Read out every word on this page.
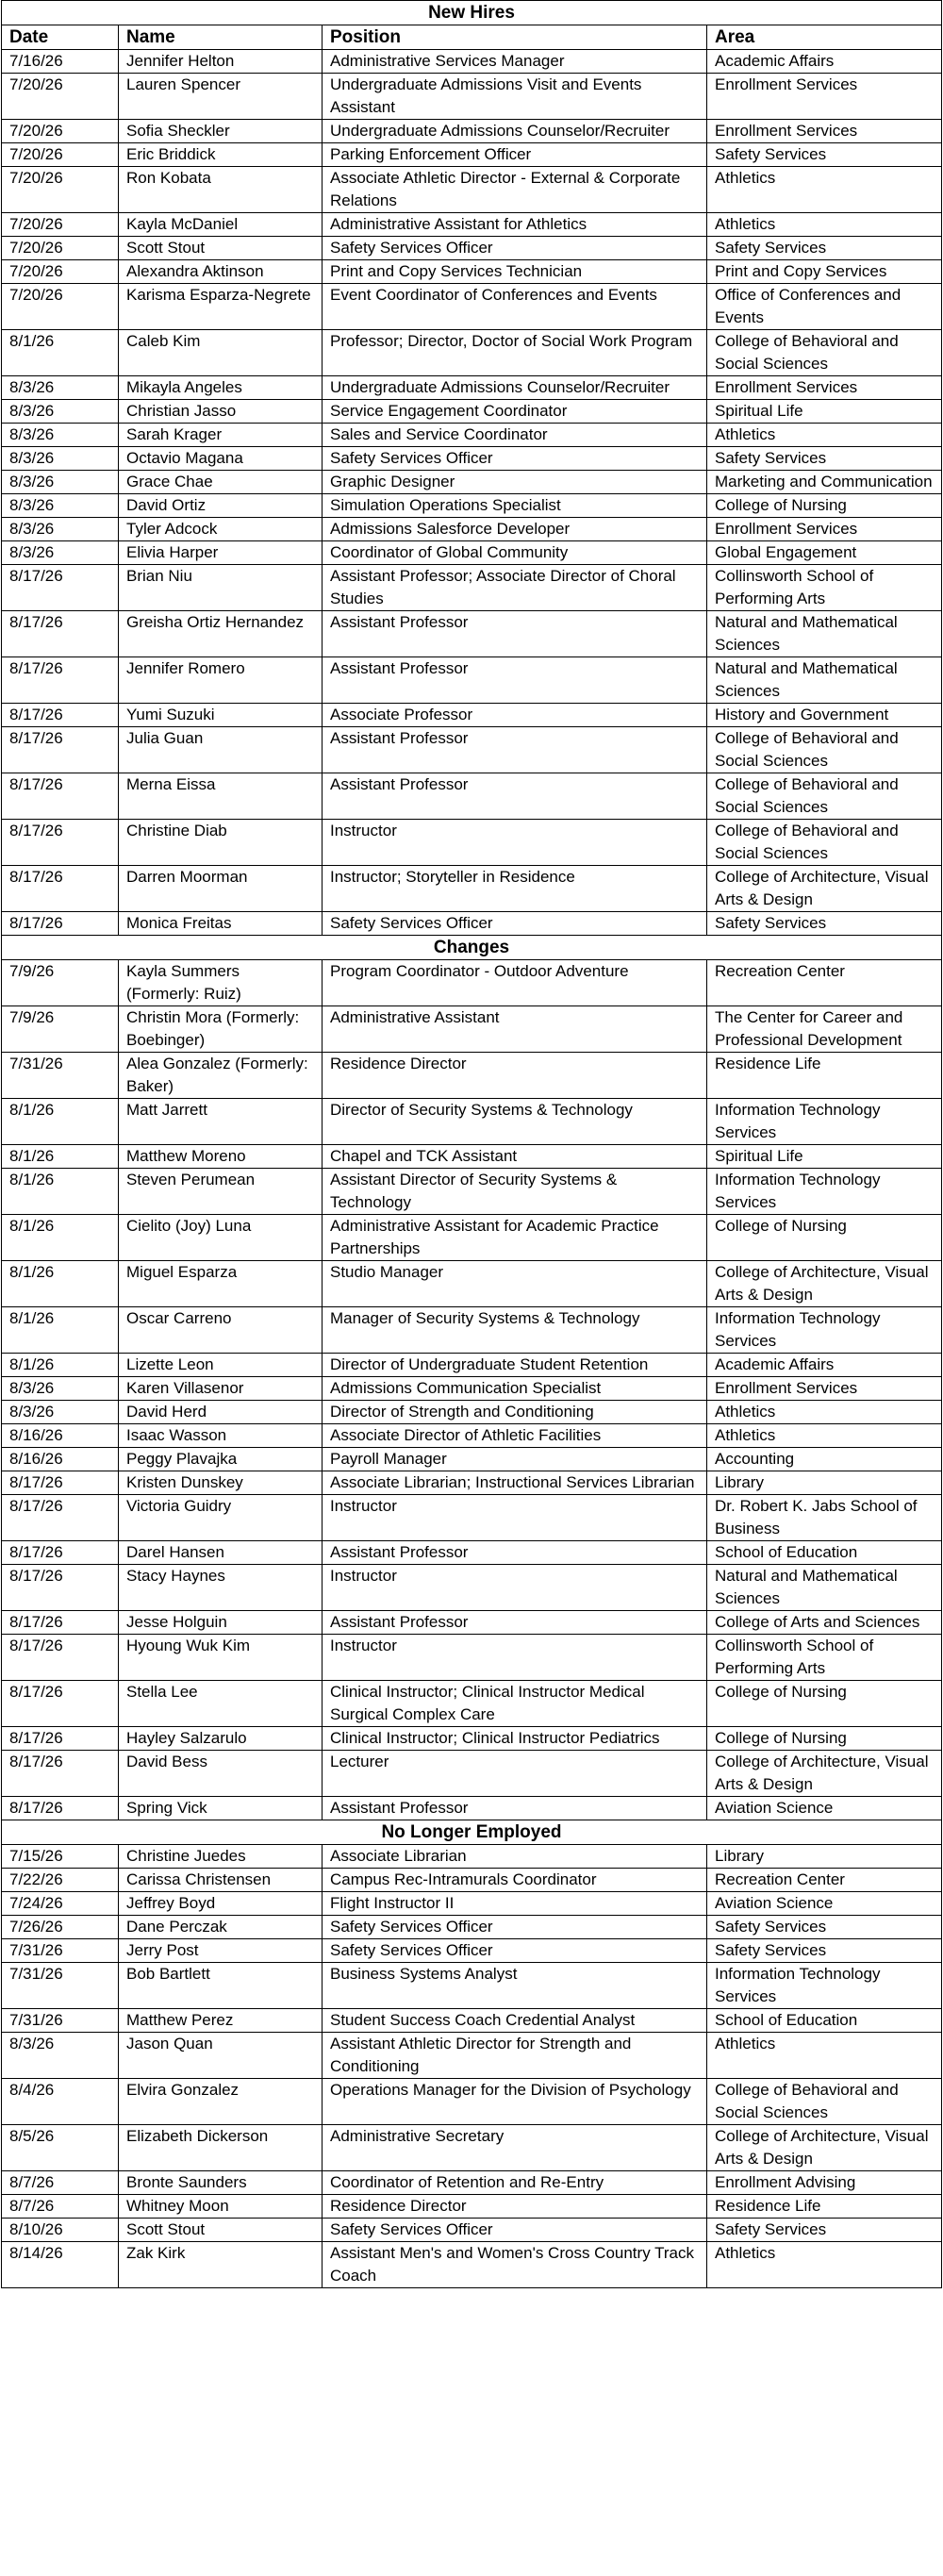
New Hires			
Date	Name	Position	Area
7/16/26	Jennifer Helton	Administrative Services Manager	Academic Affairs
7/20/26	Lauren Spencer	Undergraduate Admissions Visit and Events Assistant	Enrollment Services
7/20/26	Sofia Sheckler	Undergraduate Admissions Counselor/Recruiter	Enrollment Services
7/20/26	Eric Briddick	Parking Enforcement Officer	Safety Services
7/20/26	Ron Kobata	Associate Athletic Director - External & Corporate Relations	Athletics
7/20/26	Kayla McDaniel	Administrative Assistant for Athletics	Athletics
7/20/26	Scott Stout	Safety Services Officer	Safety Services
7/20/26	Alexandra Aktinson	Print and Copy Services Technician	Print and Copy Services
7/20/26	Karisma Esparza-Negrete	Event Coordinator of Conferences and Events	Office of Conferences and Events
8/1/26	Caleb Kim	Professor; Director, Doctor of Social Work Program	College of Behavioral and Social Sciences
8/3/26	Mikayla Angeles	Undergraduate Admissions Counselor/Recruiter	Enrollment Services
8/3/26	Christian Jasso	Service Engagement Coordinator	Spiritual Life
8/3/26	Sarah Krager	Sales and Service Coordinator	Athletics
8/3/26	Octavio Magana	Safety Services Officer	Safety Services
8/3/26	Grace Chae	Graphic Designer	Marketing and Communication
8/3/26	David Ortiz	Simulation Operations Specialist	College of Nursing
8/3/26	Tyler Adcock	Admissions Salesforce Developer	Enrollment Services
8/3/26	Elivia Harper	Coordinator of Global Community	Global Engagement
8/17/26	Brian Niu	Assistant Professor; Associate Director of Choral Studies	Collinsworth School of Performing Arts
8/17/26	Greisha Ortiz Hernandez	Assistant Professor	Natural and Mathematical Sciences
8/17/26	Jennifer Romero	Assistant Professor	Natural and Mathematical Sciences
8/17/26	Yumi Suzuki	Associate Professor	History and Government
8/17/26	Julia Guan	Assistant Professor	College of Behavioral and Social Sciences
8/17/26	Merna Eissa	Assistant Professor	College of Behavioral and Social Sciences
8/17/26	Christine Diab	Instructor	College of Behavioral and Social Sciences
8/17/26	Darren Moorman	Instructor; Storyteller in Residence	College of Architecture, Visual Arts & Design
8/17/26	Monica Freitas	Safety Services Officer	Safety Services
Changes			
7/9/26	Kayla Summers (Formerly: Ruiz)	Program Coordinator - Outdoor Adventure	Recreation Center
7/9/26	Christin Mora (Formerly: Boebinger)	Administrative Assistant	The Center for Career and Professional Development
7/31/26	Alea Gonzalez (Formerly: Baker)	Residence Director	Residence Life
8/1/26	Matt Jarrett	Director of Security Systems & Technology	Information Technology Services
8/1/26	Matthew Moreno	Chapel and TCK Assistant	Spiritual Life
8/1/26	Steven Perumean	Assistant Director of Security Systems & Technology	Information Technology Services
8/1/26	Cielito (Joy) Luna	Administrative Assistant for Academic Practice Partnerships	College of Nursing
8/1/26	Miguel Esparza	Studio Manager	College of Architecture, Visual Arts & Design
8/1/26	Oscar Carreno	Manager of Security Systems & Technology	Information Technology Services
8/1/26	Lizette Leon	Director of Undergraduate Student Retention	Academic Affairs
8/3/26	Karen Villasenor	Admissions Communication Specialist	Enrollment Services
8/3/26	David Herd	Director of Strength and Conditioning	Athletics
8/16/26	Isaac Wasson	Associate Director of Athletic Facilities	Athletics
8/16/26	Peggy Plavajka	Payroll Manager	Accounting
8/17/26	Kristen Dunskey	Associate Librarian; Instructional Services Librarian	Library
8/17/26	Victoria Guidry	Instructor	Dr. Robert K. Jabs School of Business
8/17/26	Darel Hansen	Assistant Professor	School of Education
8/17/26	Stacy Haynes	Instructor	Natural and Mathematical Sciences
8/17/26	Jesse Holguin	Assistant Professor	College of Arts and Sciences
8/17/26	Hyoung Wuk Kim	Instructor	Collinsworth School of Performing Arts
8/17/26	Stella Lee	Clinical Instructor; Clinical Instructor Medical Surgical Complex Care	College of Nursing
8/17/26	Hayley Salzarulo	Clinical Instructor; Clinical Instructor Pediatrics	College of Nursing
8/17/26	David Bess	Lecturer	College of Architecture, Visual Arts & Design
8/17/26	Spring Vick	Assistant Professor	Aviation Science
No Longer Employed			
7/15/26	Christine Juedes	Associate Librarian	Library
7/22/26	Carissa Christensen	Campus Rec-Intramurals Coordinator	Recreation Center
7/24/26	Jeffrey Boyd	Flight Instructor II	Aviation Science
7/26/26	Dane Perczak	Safety Services Officer	Safety Services
7/31/26	Jerry Post	Safety Services Officer	Safety Services
7/31/26	Bob Bartlett	Business Systems Analyst	Information Technology Services
7/31/26	Matthew Perez	Student Success Coach Credential Analyst	School of Education
8/3/26	Jason Quan	Assistant Athletic Director for Strength and Conditioning	Athletics
8/4/26	Elvira Gonzalez	Operations Manager for the Division of Psychology	College of Behavioral and Social Sciences
8/5/26	Elizabeth Dickerson	Administrative Secretary	College of Architecture, Visual Arts & Design
8/7/26	Bronte Saunders	Coordinator of Retention and Re-Entry	Enrollment Advising
8/7/26	Whitney Moon	Residence Director	Residence Life
8/10/26	Scott Stout	Safety Services Officer	Safety Services
8/14/26	Zak Kirk	Assistant Men's and Women's Cross Country Track Coach	Athletics
